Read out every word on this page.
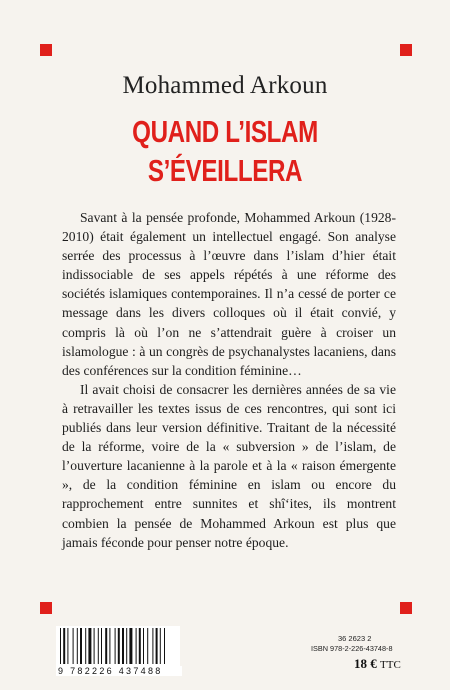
Mohammed Arkoun
QUAND L’ISLAM
S’ÉVEILLERA

Savant à la pensée profonde, Mohammed Arkoun (1928-2010) était également un intellectuel engagé. Son analyse serrée des processus à l’œuvre dans l’islam d’hier était indissociable de ses appels répétés à une réforme des sociétés islamiques contemporaines. Il n’a cessé de porter ce message dans les divers colloques où il était convié, y compris là où l’on ne s’attendrait guère à croiser un islamologue : à un congrès de psychanalystes lacaniens, dans des conférences sur la condition féminine…

Il avait choisi de consacrer les dernières années de sa vie à retravailler les textes issus de ces rencontres, qui sont ici publiés dans leur version définitive. Traitant de la nécessité de la réforme, voire de la « subversion » de l’islam, de l’ouverture lacanienne à la parole et à la « raison émergente », de la condition féminine en islam ou encore du rapprochement entre sunnites et shî‘ites, ils montrent combien la pensée de Mohammed Arkoun est plus que jamais féconde pour penser notre époque.

9 782226 437488
36 2623 2
ISBN 978-2-226-43748-8
18 € TTC
